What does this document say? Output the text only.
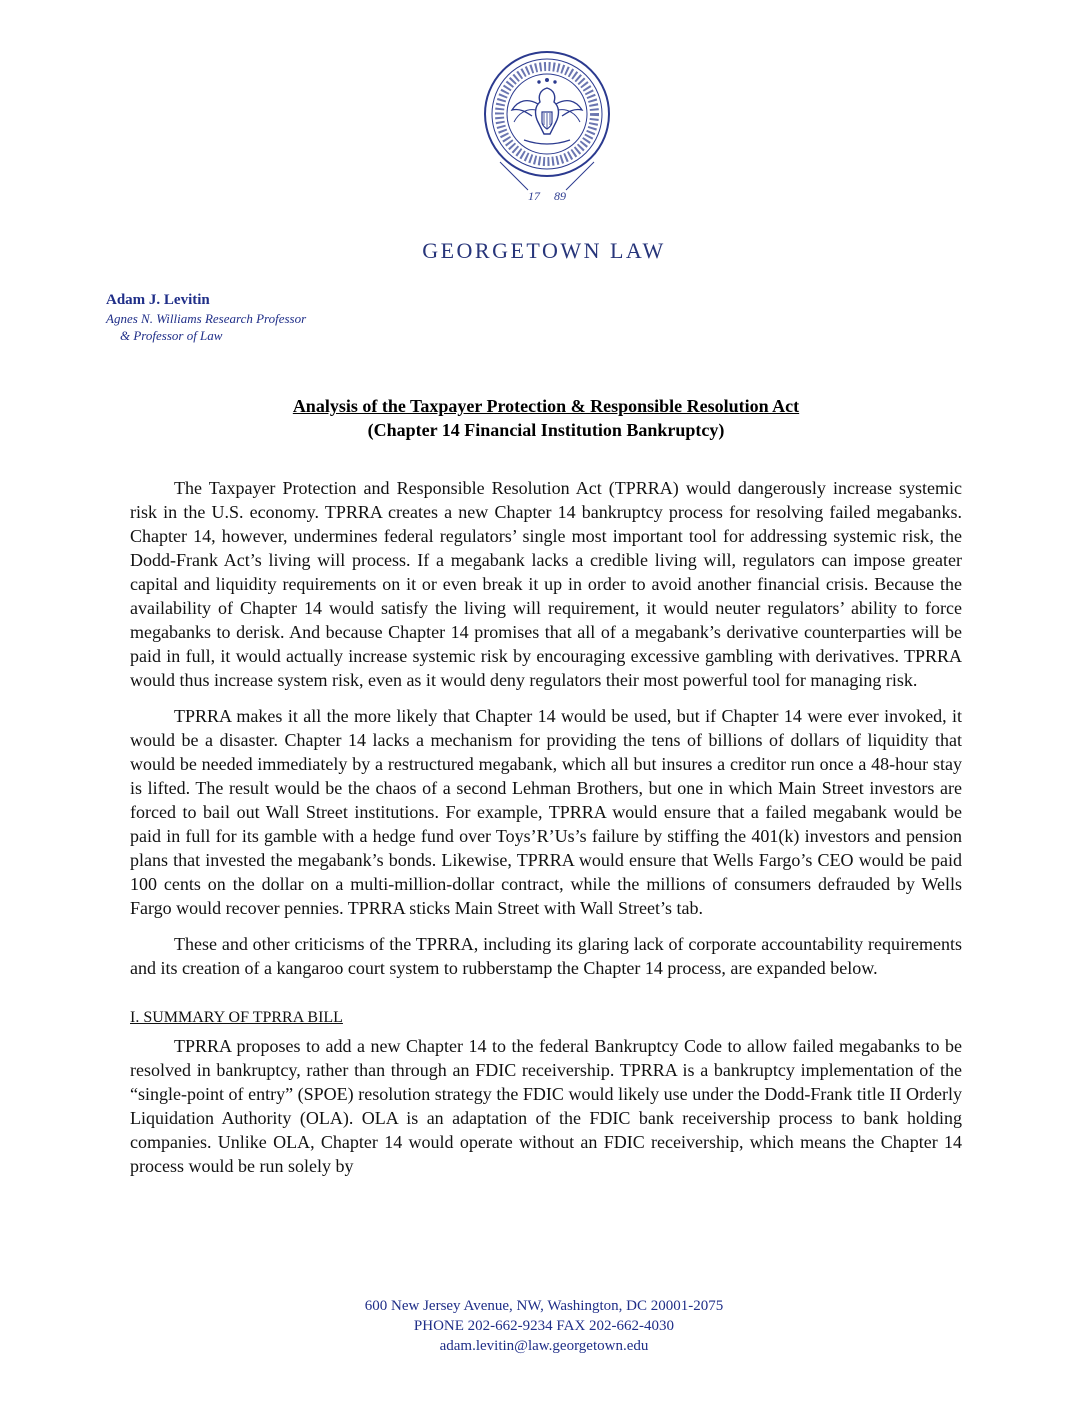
17 89
GEORGETOWN LAW
Adam J. Levitin
Agnes N. Williams Research Professor
& Professor of Law
Analysis of the Taxpayer Protection & Responsible Resolution Act
(Chapter 14 Financial Institution Bankruptcy)

The Taxpayer Protection and Responsible Resolution Act (TPRRA) would dangerously increase systemic risk in the U.S. economy. TPRRA creates a new Chapter 14 bankruptcy process for resolving failed megabanks. Chapter 14, however, undermines federal regulators’ single most important tool for addressing systemic risk, the Dodd-Frank Act’s living will process. If a megabank lacks a credible living will, regulators can impose greater capital and liquidity requirements on it or even break it up in order to avoid another financial crisis. Because the availability of Chapter 14 would satisfy the living will requirement, it would neuter regulators’ ability to force megabanks to derisk. And because Chapter 14 promises that all of a megabank’s derivative counterparties will be paid in full, it would actually increase systemic risk by encouraging excessive gambling with derivatives. TPRRA would thus increase system risk, even as it would deny regulators their most powerful tool for managing risk.

TPRRA makes it all the more likely that Chapter 14 would be used, but if Chapter 14 were ever invoked, it would be a disaster. Chapter 14 lacks a mechanism for providing the tens of billions of dollars of liquidity that would be needed immediately by a restructured megabank, which all but insures a creditor run once a 48-hour stay is lifted. The result would be the chaos of a second Lehman Brothers, but one in which Main Street investors are forced to bail out Wall Street institutions. For example, TPRRA would ensure that a failed megabank would be paid in full for its gamble with a hedge fund over Toys’R’Us’s failure by stiffing the 401(k) investors and pension plans that invested the megabank’s bonds. Likewise, TPRRA would ensure that Wells Fargo’s CEO would be paid 100 cents on the dollar on a multi-million-dollar contract, while the millions of consumers defrauded by Wells Fargo would recover pennies. TPRRA sticks Main Street with Wall Street’s tab.

These and other criticisms of the TPRRA, including its glaring lack of corporate accountability requirements and its creation of a kangaroo court system to rubberstamp the Chapter 14 process, are expanded below.

I. SUMMARY OF TPRRA BILL

TPRRA proposes to add a new Chapter 14 to the federal Bankruptcy Code to allow failed megabanks to be resolved in bankruptcy, rather than through an FDIC receivership. TPRRA is a bankruptcy implementation of the “single-point of entry” (SPOE) resolution strategy the FDIC would likely use under the Dodd-Frank title II Orderly Liquidation Authority (OLA). OLA is an adaptation of the FDIC bank receivership process to bank holding companies. Unlike OLA, Chapter 14 would operate without an FDIC receivership, which means the Chapter 14 process would be run solely by

600 New Jersey Avenue, NW, Washington, DC 20001-2075
PHONE 202-662-9234 FAX 202-662-4030
adam.levitin@law.georgetown.edu
